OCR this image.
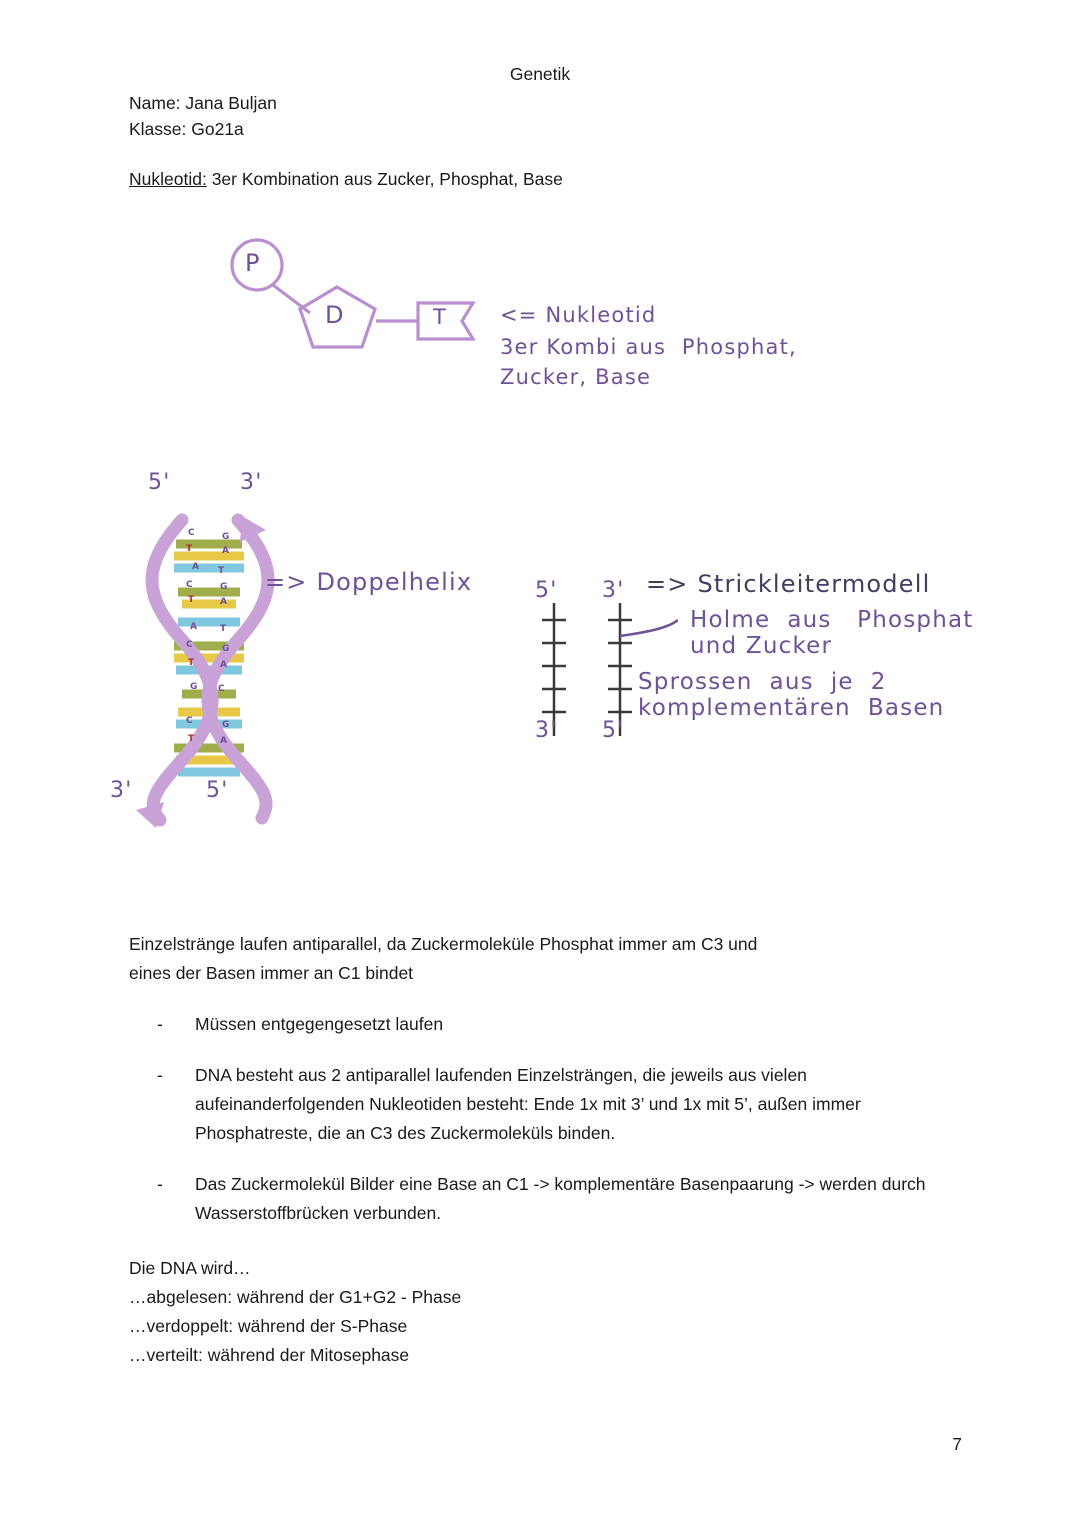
Genetik
Name: Jana Buljan
Klasse: Go21a
Nukleotid: 3er Kombination aus Zucker, Phosphat, Base
P
D	T	<= Nukleotid
3er Kombi aus  Phosphat,
Zucker, Base
C	G
T	A
A T
C	G
T	A
A	T
C	G
T	A
G C
C	G
T	A
5'	3'
3'	5'
=> Doppelhelix	5' 3'
3' 5'
=> Strickleitermodell
Holme  aus   Phosphat
und Zucker
Sprossen  aus  je  2
komplementären  Basen

Einzelstränge laufen antiparallel, da Zuckermoleküle Phosphat immer am C3 und

eines der Basen immer an C1 bindet

- Müssen entgegengesetzt laufen
- DNA besteht aus 2 antiparallel laufenden Einzelsträngen, die jeweils aus vielen aufeinanderfolgenden Nukleotiden besteht: Ende 1x mit 3’ und 1x mit 5’, außen immer Phosphatreste, die an C3 des Zuckermoleküls binden.
- Das Zuckermolekül Bilder eine Base an C1 -> komplementäre Basenpaarung -> werden durch Wasserstoffbrücken verbunden.

Die DNA wird…

…abgelesen: während der G1+G2 - Phase

…verdoppelt: während der S-Phase

…verteilt: während der Mitosephase

7
